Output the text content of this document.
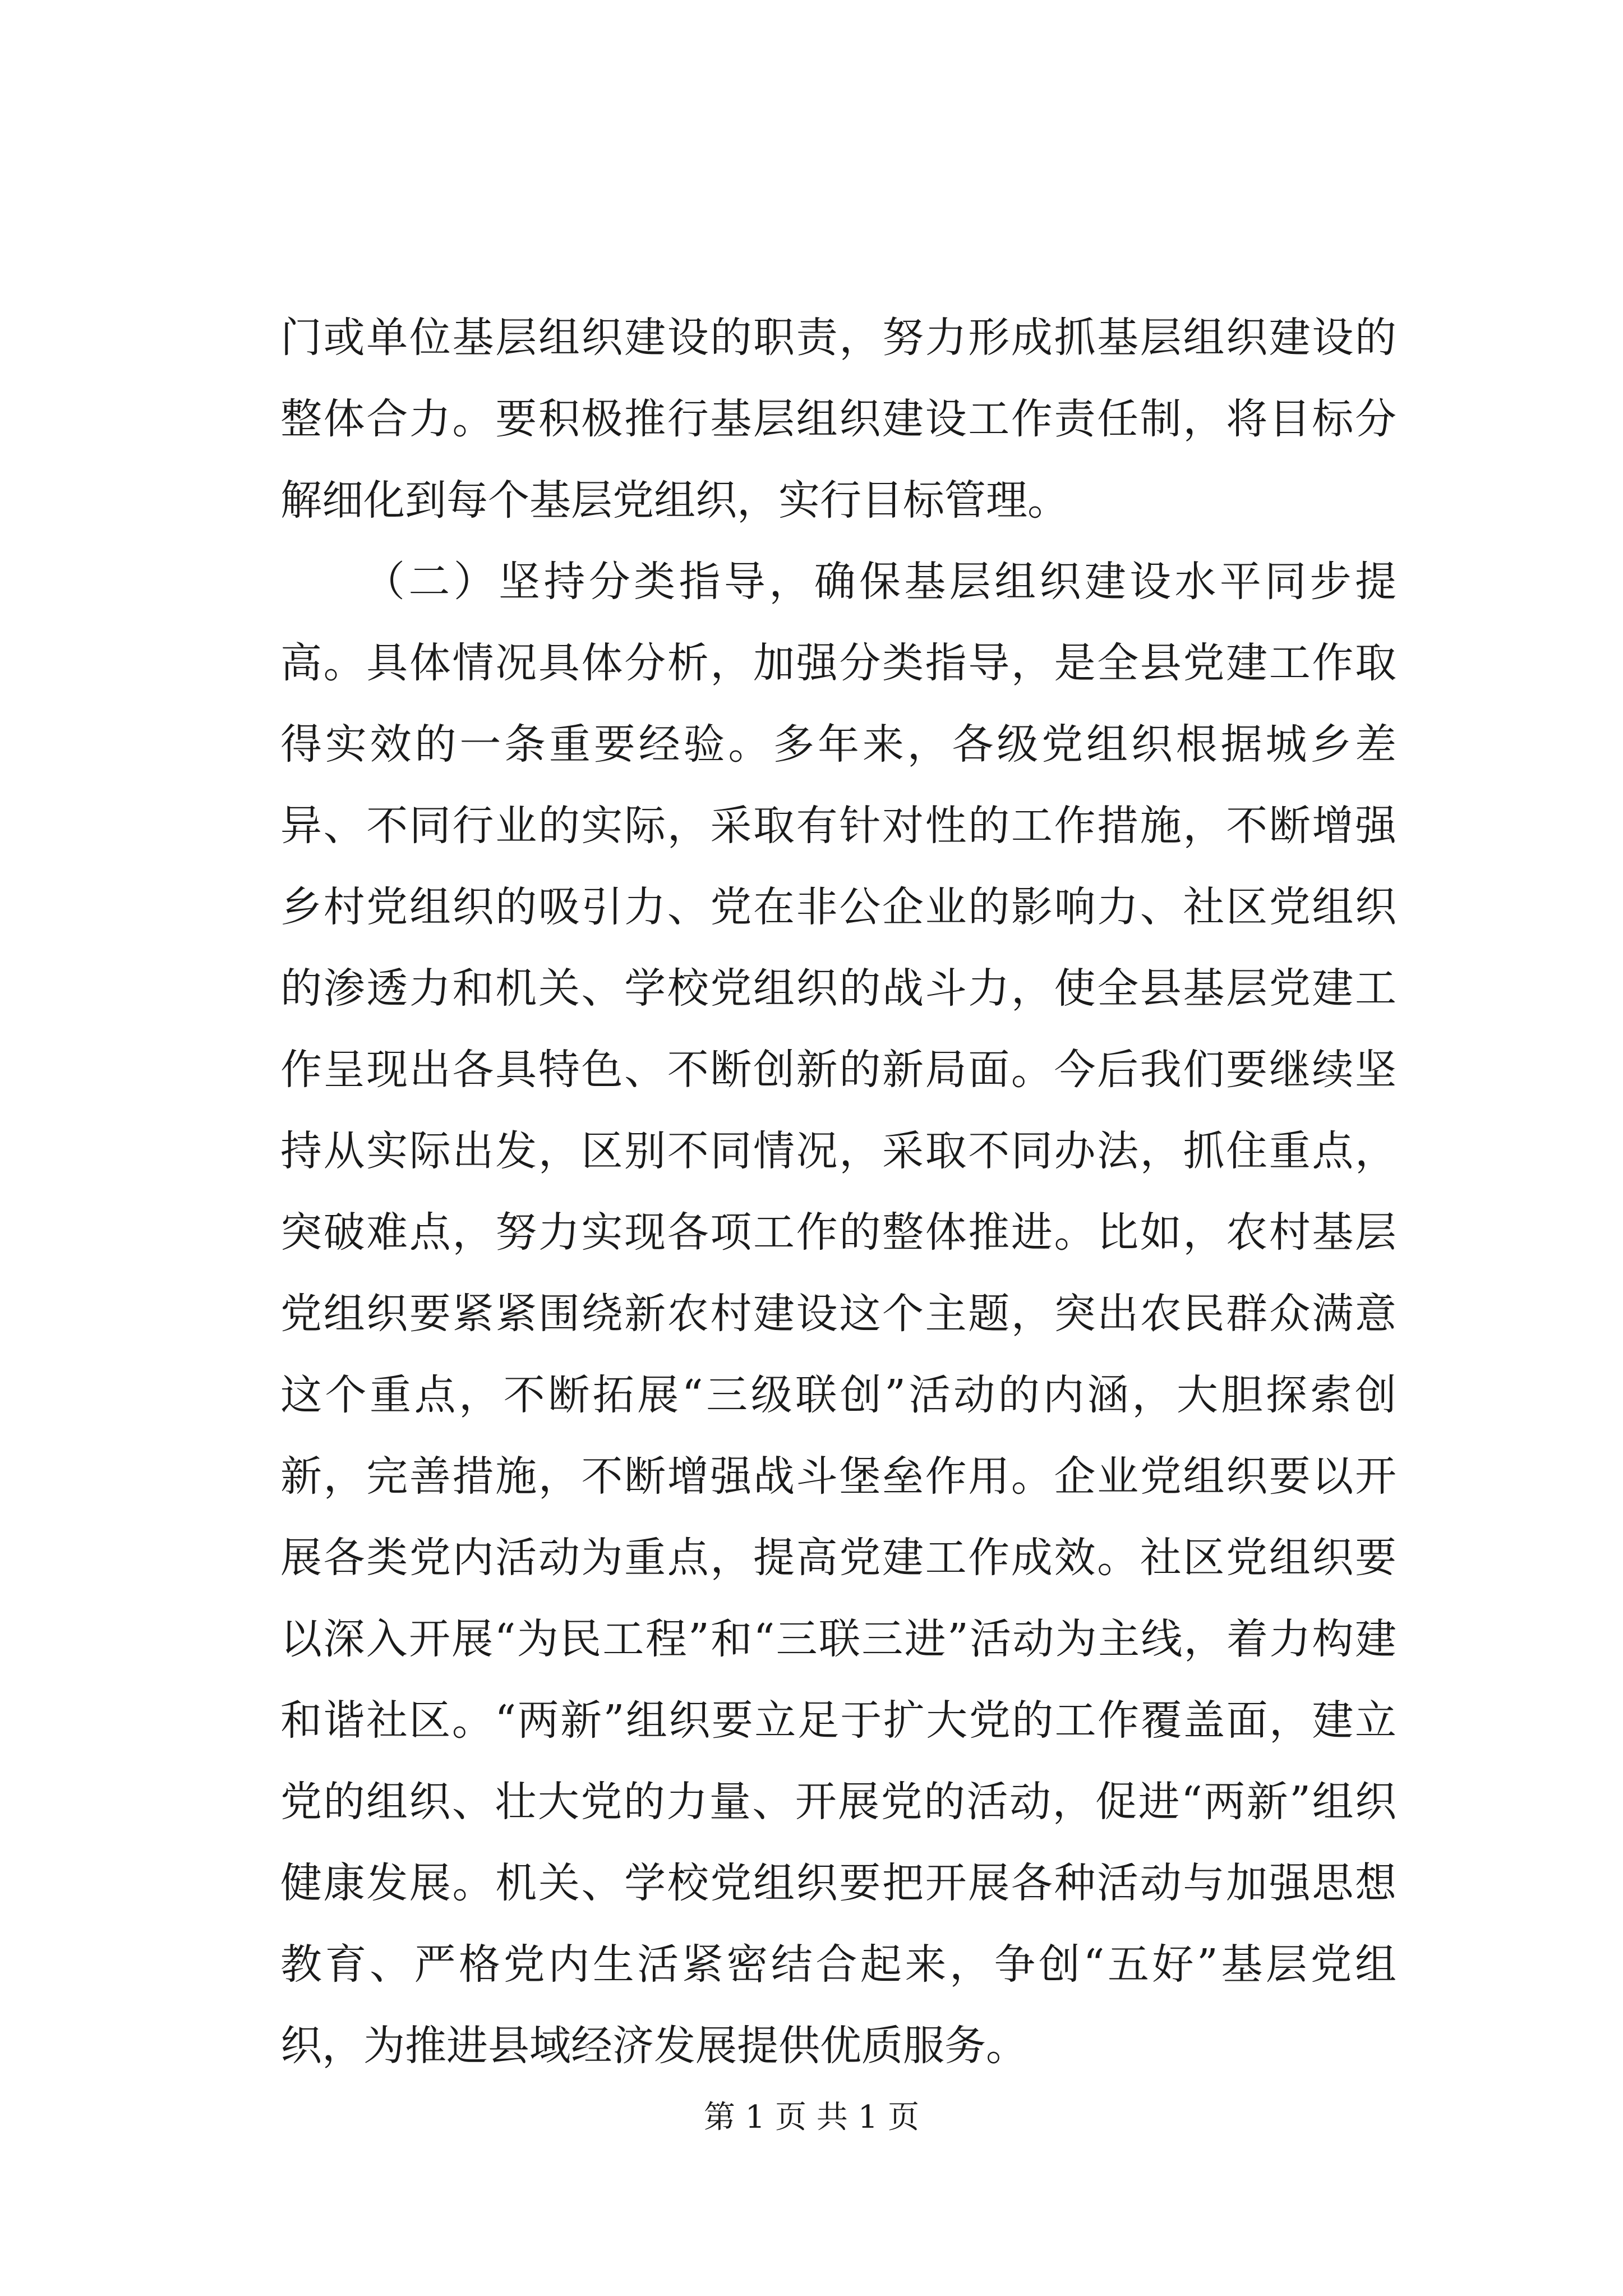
门或单位基层组织建设的职责，努力形成抓基层组织建设的整体合力。要积极推行基层组织建设工作责任制，将目标分解细化到每个基层党组织，实行目标管理。

（二）坚持分类指导，确保基层组织建设水平同步提高。具体情况具体分析，加强分类指导，是全县党建工作取得实效的一条重要经验。多年来，各级党组织根据城乡差异、不同行业的实际，采取有针对性的工作措施，不断增强乡村党组织的吸引力、党在非公企业的影响力、社区党组织的渗透力和机关、学校党组织的战斗力，使全县基层党建工作呈现出各具特色、不断创新的新局面。今后我们要继续坚持从实际出发，区别不同情况，采取不同办法，抓住重点，突破难点，努力实现各项工作的整体推进。比如，农村基层党组织要紧紧围绕新农村建设这个主题，突出农民群众满意这个重点，不断拓展“三级联创”活动的内涵，大胆探索创新，完善措施，不断增强战斗堡垒作用。企业党组织要以开展各类党内活动为重点，提高党建工作成效。社区党组织要以深入开展“为民工程”和“三联三进”活动为主线，着力构建和谐社区。“两新”组织要立足于扩大党的工作覆盖面，建立党的组织、壮大党的力量、开展党的活动，促进“两新”组织健康发展。机关、学校党组织要把开展各种活动与加强思想教育、严格党内生活紧密结合起来，争创“五好”基层党组织，为推进县域经济发展提供优质服务。

第 1 页 共 1 页
